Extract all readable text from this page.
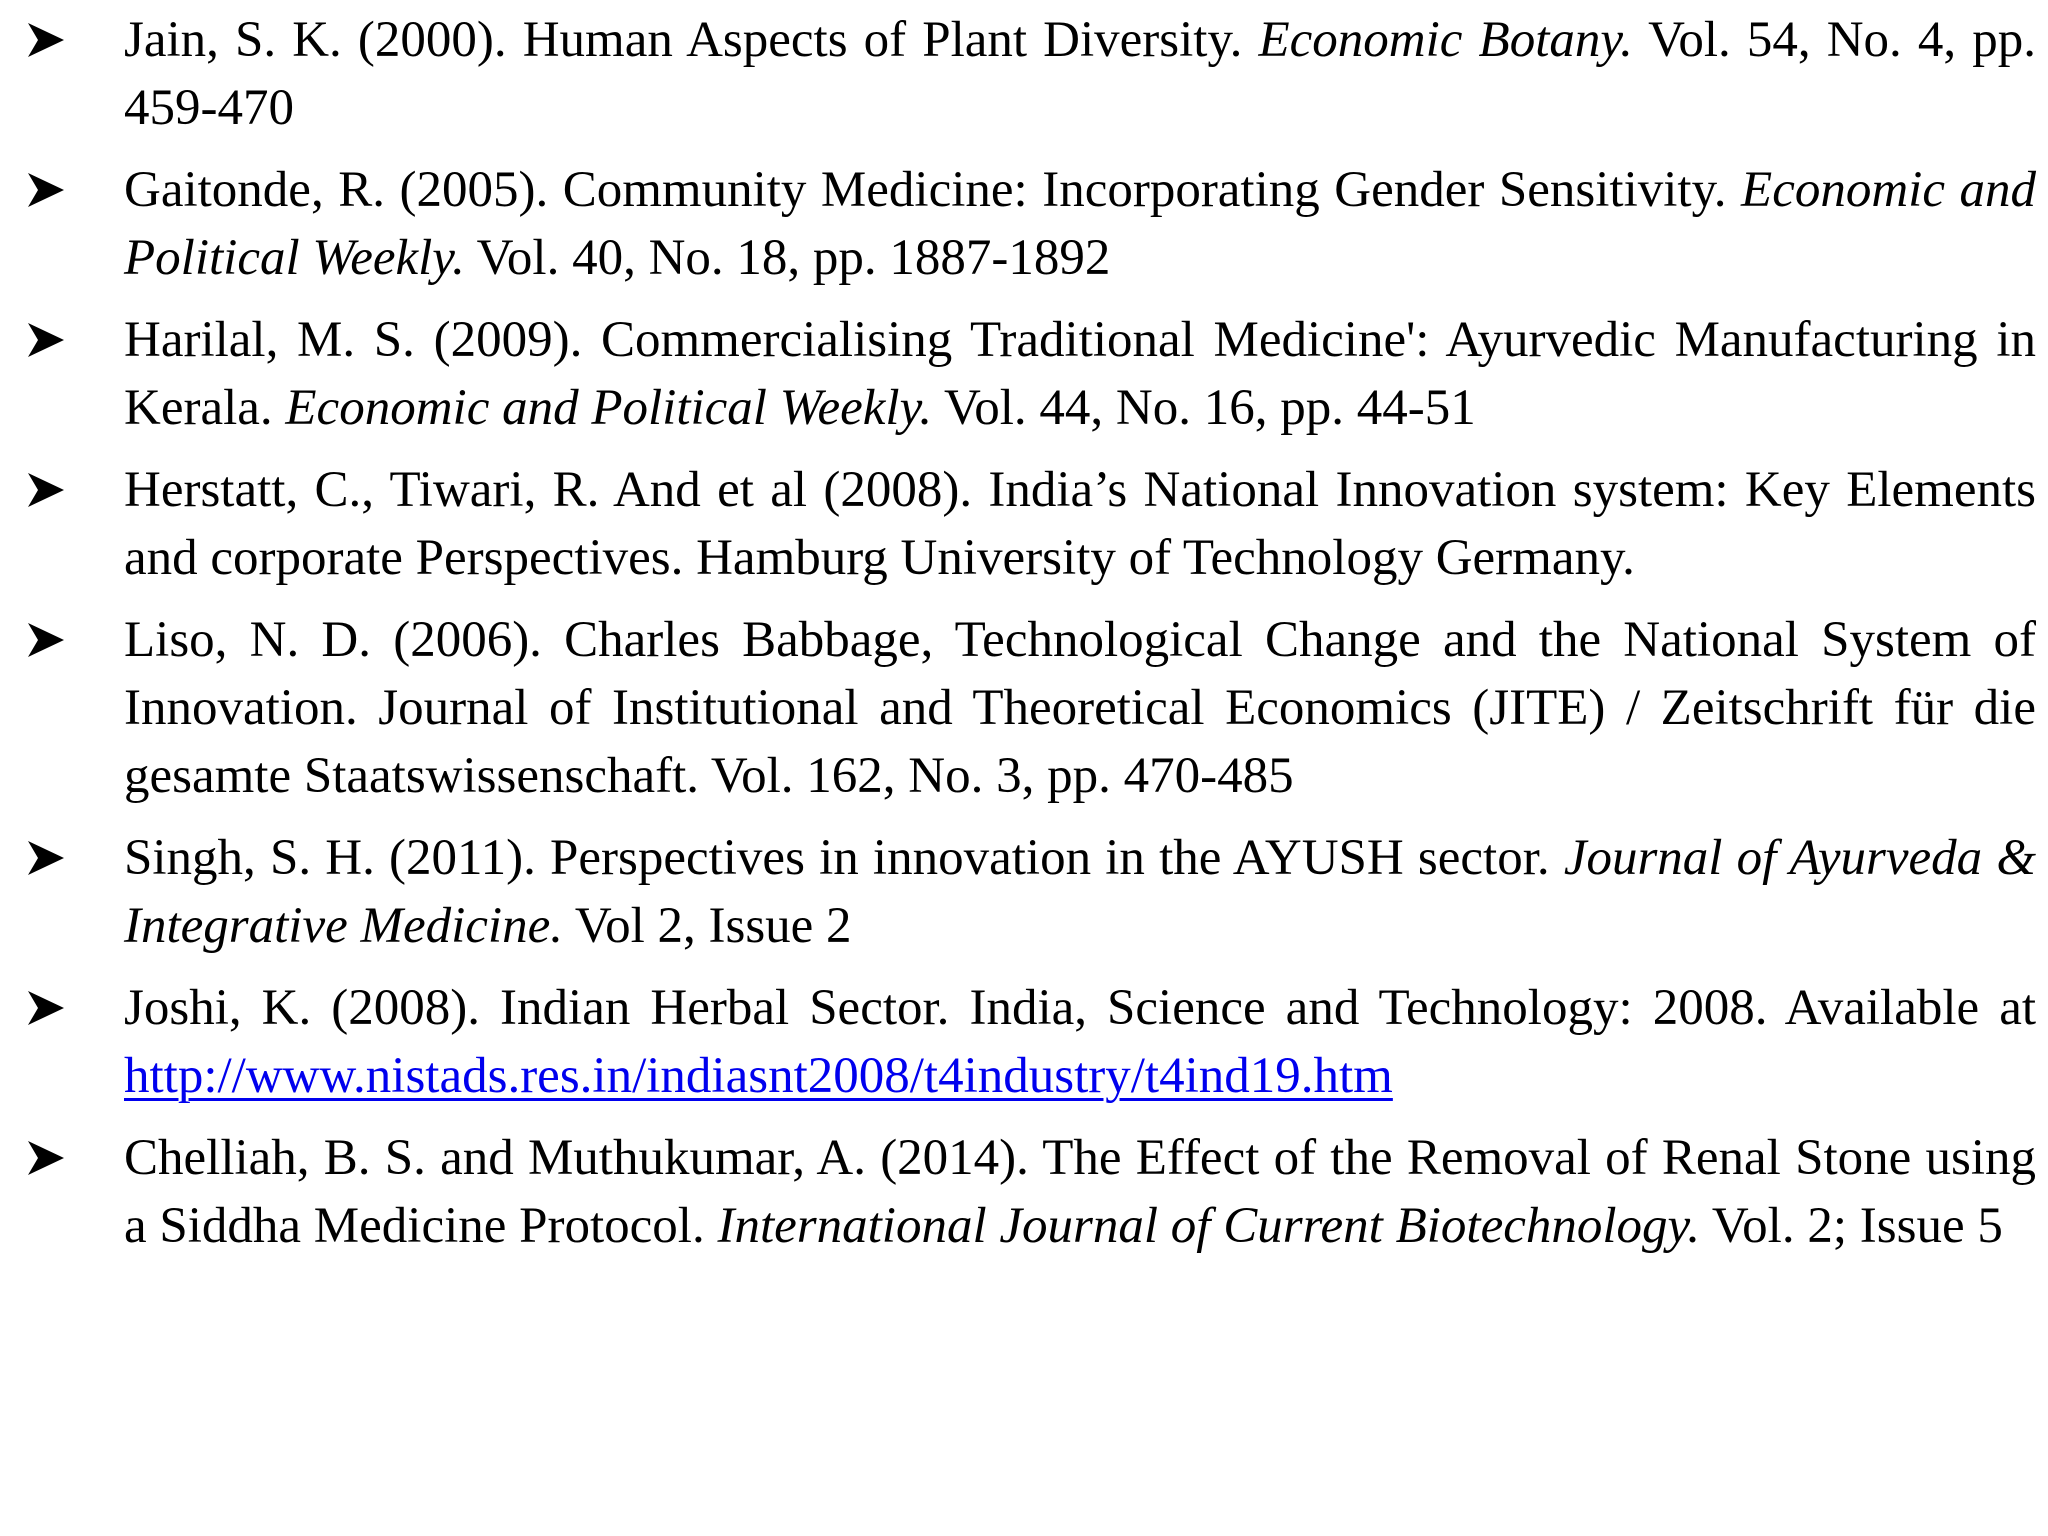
Jain, S. K. (2000). Human Aspects of Plant Diversity. Economic Botany. Vol. 54, No. 4, pp. 459-470
Gaitonde, R. (2005). Community Medicine: Incorporating Gender Sensitivity. Economic and Political Weekly. Vol. 40, No. 18, pp. 1887-1892
Harilal, M. S. (2009). Commercialising Traditional Medicine': Ayurvedic Manufacturing in Kerala. Economic and Political Weekly. Vol. 44, No. 16, pp. 44-51
Herstatt, C., Tiwari, R. And et al (2008). India’s National Innovation system: Key Elements and corporate Perspectives. Hamburg University of Technology Germany.
Liso, N. D. (2006). Charles Babbage, Technological Change and the National System of Innovation. Journal of Institutional and Theoretical Economics (JITE) / Zeitschrift für die gesamte Staatswissenschaft. Vol. 162, No. 3, pp. 470-485
Singh, S. H. (2011). Perspectives in innovation in the AYUSH sector. Journal of Ayurveda & Integrative Medicine. Vol 2, Issue 2
Joshi, K. (2008). Indian Herbal Sector. India, Science and Technology: 2008. Available at http://www.nistads.res.in/indiasnt2008/t4industry/t4ind19.htm
Chelliah, B. S. and Muthukumar, A. (2014). The Effect of the Removal of Renal Stone using a Siddha Medicine Protocol. International Journal of Current Biotechnology. Vol. 2; Issue 5
